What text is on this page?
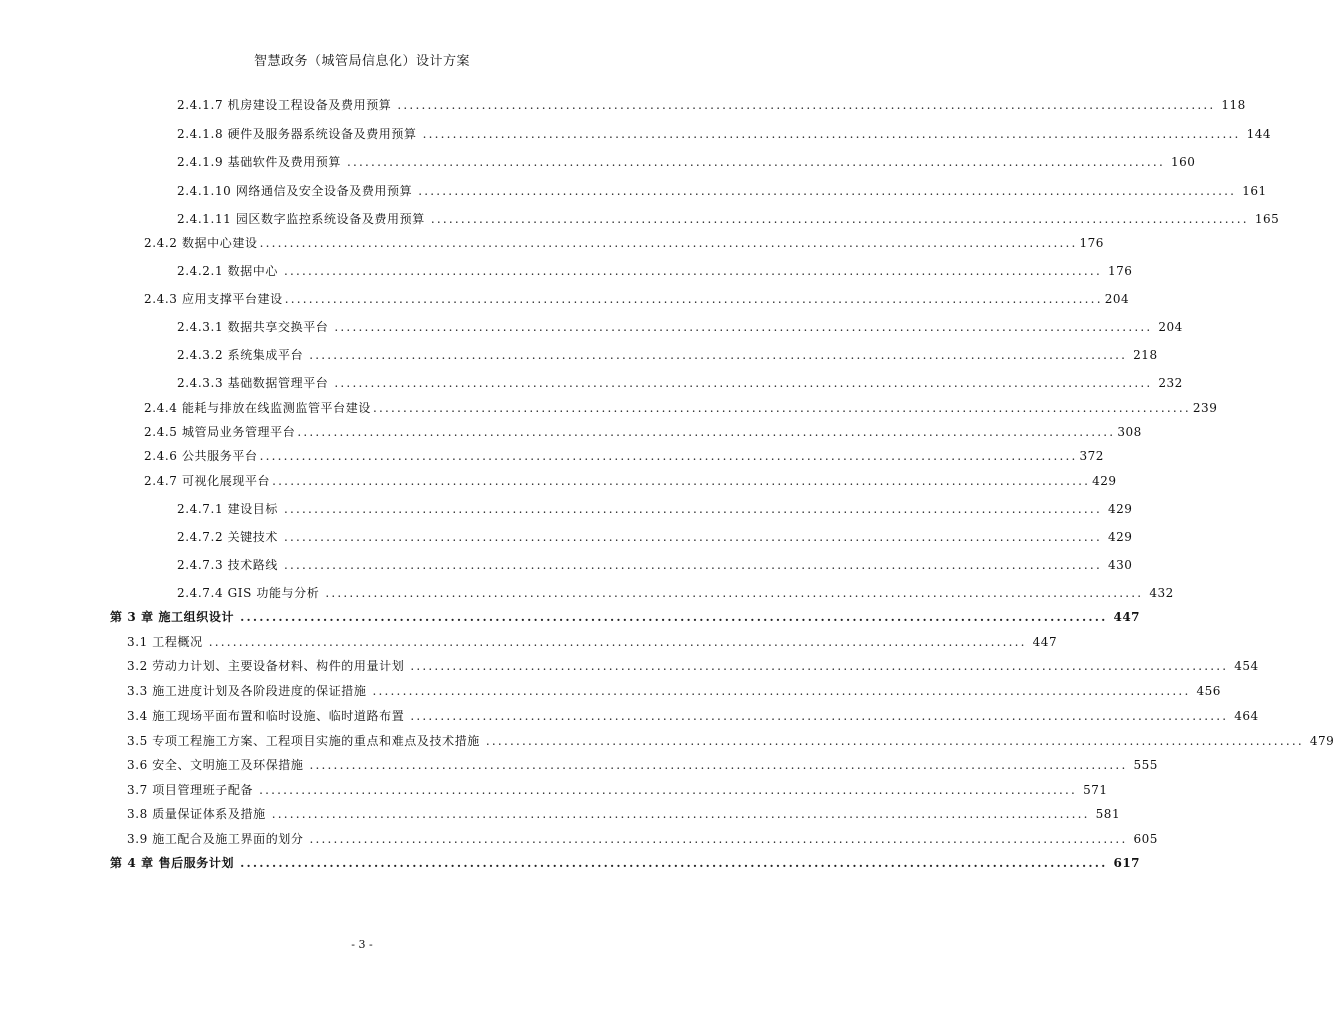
智慧政务（城管局信息化）设计方案
2.4.1.7 机房建设工程设备及费用预算 ........................................................................................................................................ 118
2.4.1.8 硬件及服务器系统设备及费用预算 ........................................................................................................................................ 144
2.4.1.9 基础软件及费用预算 ........................................................................................................................................ 160
2.4.1.10 网络通信及安全设备及费用预算 ........................................................................................................................................ 161
2.4.1.11 园区数字监控系统设备及费用预算 ........................................................................................................................................ 165
2.4.2 数据中心建设 ........................................................................................................................................ 176
2.4.2.1 数据中心 ........................................................................................................................................ 176
2.4.3 应用支撑平台建设 ........................................................................................................................................ 204
2.4.3.1 数据共享交换平台 ........................................................................................................................................ 204
2.4.3.2 系统集成平台 ........................................................................................................................................ 218
2.4.3.3 基础数据管理平台 ........................................................................................................................................ 232
2.4.4 能耗与排放在线监测监管平台建设 ........................................................................................................................................ 239
2.4.5 城管局业务管理平台 ........................................................................................................................................ 308
2.4.6 公共服务平台 ........................................................................................................................................ 372
2.4.7 可视化展现平台 ........................................................................................................................................ 429
2.4.7.1 建设目标 ........................................................................................................................................ 429
2.4.7.2 关键技术 ........................................................................................................................................ 429
2.4.7.3 技术路线 ........................................................................................................................................ 430
2.4.7.4 GIS 功能与分析 ........................................................................................................................................ 432
第 3 章 施工组织设计 ........................................................................................................................................ 447
3.1 工程概况 ........................................................................................................................................ 447
3.2 劳动力计划、主要设备材料、构件的用量计划 ........................................................................................................................................ 454
3.3 施工进度计划及各阶段进度的保证措施 ........................................................................................................................................ 456
3.4 施工现场平面布置和临时设施、临时道路布置 ........................................................................................................................................ 464
3.5 专项工程施工方案、工程项目实施的重点和难点及技术措施 ........................................................................................................................................ 479
3.6 安全、文明施工及环保措施 ........................................................................................................................................ 555
3.7 项目管理班子配备 ........................................................................................................................................ 571
3.8 质量保证体系及措施 ........................................................................................................................................ 581
3.9 施工配合及施工界面的划分 ........................................................................................................................................ 605
第 4 章 售后服务计划 ........................................................................................................................................ 617
- 3 -
